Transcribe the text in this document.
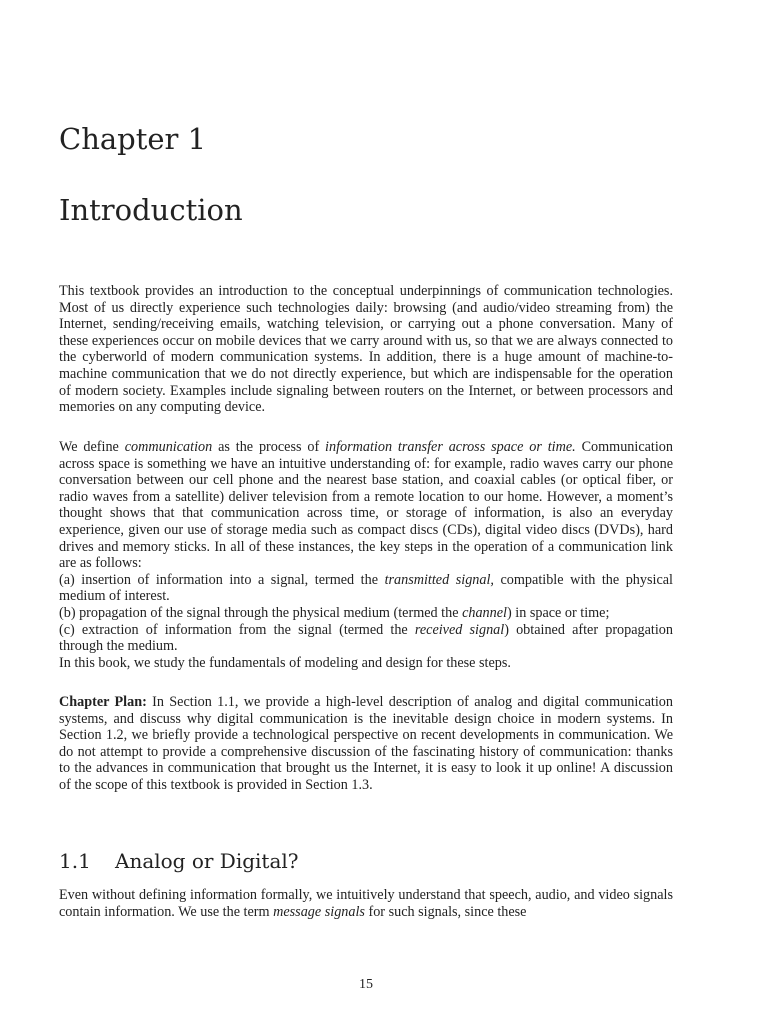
Chapter 1
Introduction

This textbook provides an introduction to the conceptual underpinnings of communication technologies. Most of us directly experience such technologies daily: browsing (and audio/video streaming from) the Internet, sending/receiving emails, watching television, or carrying out a phone conversation. Many of these experiences occur on mobile devices that we carry around with us, so that we are always connected to the cyberworld of modern communication systems. In addition, there is a huge amount of machine-to-machine communication that we do not directly experience, but which are indispensable for the operation of modern society. Examples include signaling between routers on the Internet, or between processors and memories on any computing device.

We define communication as the process of information transfer across space or time. Communication across space is something we have an intuitive understanding of: for example, radio waves carry our phone conversation between our cell phone and the nearest base station, and coaxial cables (or optical fiber, or radio waves from a satellite) deliver television from a remote location to our home. However, a moment’s thought shows that that communication across time, or storage of information, is also an everyday experience, given our use of storage media such as compact discs (CDs), digital video discs (DVDs), hard drives and memory sticks. In all of these instances, the key steps in the operation of a communication link are as follows:

(a) insertion of information into a signal, termed the transmitted signal, compatible with the physical medium of interest.

(b) propagation of the signal through the physical medium (termed the channel) in space or time;

(c) extraction of information from the signal (termed the received signal) obtained after propagation through the medium.

In this book, we study the fundamentals of modeling and design for these steps.

Chapter Plan: In Section 1.1, we provide a high-level description of analog and digital communication systems, and discuss why digital communication is the inevitable design choice in modern systems. In Section 1.2, we briefly provide a technological perspective on recent developments in communication. We do not attempt to provide a comprehensive discussion of the fascinating history of communication: thanks to the advances in communication that brought us the Internet, it is easy to look it up online! A discussion of the scope of this textbook is provided in Section 1.3.

1.1 Analog or Digital?

Even without defining information formally, we intuitively understand that speech, audio, and video signals contain information. We use the term message signals for such signals, since these

15
